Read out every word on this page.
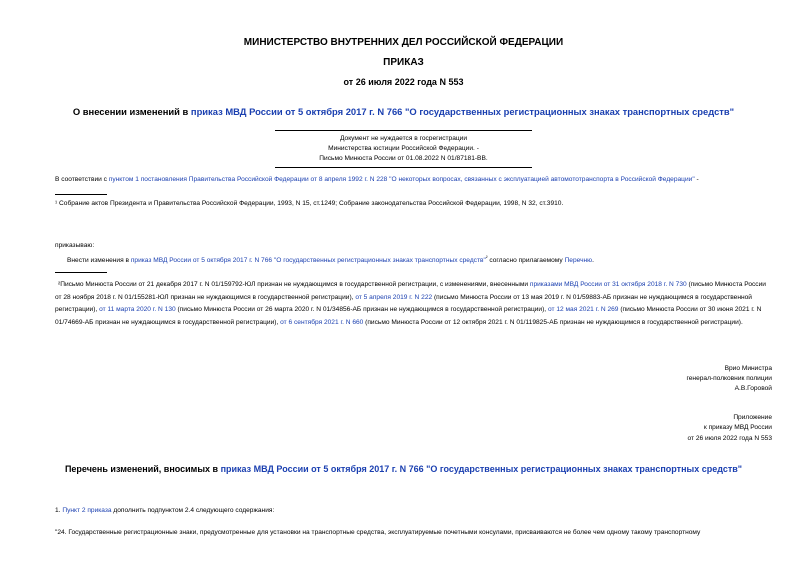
МИНИСТЕРСТВО ВНУТРЕННИХ ДЕЛ РОССИЙСКОЙ ФЕДЕРАЦИИ
ПРИКАЗ
от 26 июля 2022 года N 553
О внесении изменений в приказ МВД России от 5 октября 2017 г. N 766 "О государственных регистрационных знаках транспортных средств"
Документ не нуждается в госрегистрации
Министерства юстиции Российской Федерации. -
Письмо Минюста России от 01.08.2022 N 01/87181-ВВ.
В соответствии с пунктом 1 постановления Правительства Российской Федерации от 8 апреля 1992 г. N 228 "О некоторых вопросах, связанных с эксплуатацией автомототранспорта в Российской Федерации" -
¹ Собрание актов Президента и Правительства Российской Федерации, 1993, N 15, ст.1249; Собрание законодательства Российской Федерации, 1998, N 32, ст.3910.
приказываю:
Внести изменения в приказ МВД России от 5 октября 2017 г. N 766 "О государственных регистрационных знаках транспортных средств"$^{^2}$ согласно прилагаемому Перечню.
²Письмо Минюста России от 21 декабря 2017 г. N 01/159792-ЮЛ признан не нуждающимся в государственной регистрации, с изменениями, внесенными приказами МВД России от 31 октября 2018 г. N 730 (письмо Минюста России от 28 ноября 2018 г. N 01/155281-ЮЛ признан не нуждающимся в государственной регистрации), от 5 апреля 2019 г. N 222 (письмо Минюста России от 13 мая 2019 г. N 01/59883-АБ признан не нуждающимся в государственной регистрации), от 11 марта 2020 г. N 130 (письмо Минюста России от 26 марта 2020 г. N 01/34856-АБ признан не нуждающимся в государственной регистрации), от 12 мая 2021 г. N 269 (письмо Минюста России от 30 июня 2021 г. N 01/74669-АБ признан не нуждающимся в государственной регистрации), от 6 сентября 2021 г. N 660 (письмо Минюста России от 12 октября 2021 г. N 01/119825-АБ признан не нуждающимся в государственной регистрации).
Врио Министра
генерал-полковник полиции
А.В.Горовой
Приложение
к приказу МВД России
от 26 июля 2022 года N 553
Перечень изменений, вносимых в приказ МВД России от 5 октября 2017 г. N 766 "О государственных регистрационных знаках транспортных средств"
1. Пункт 2 приказа дополнить подпунктом 2.4 следующего содержания:
"24. Государственные регистрационные знаки, предусмотренные для установки на транспортные средства, эксплуатируемые почетными консулами, присваиваются не более чем одному такому транспортному
